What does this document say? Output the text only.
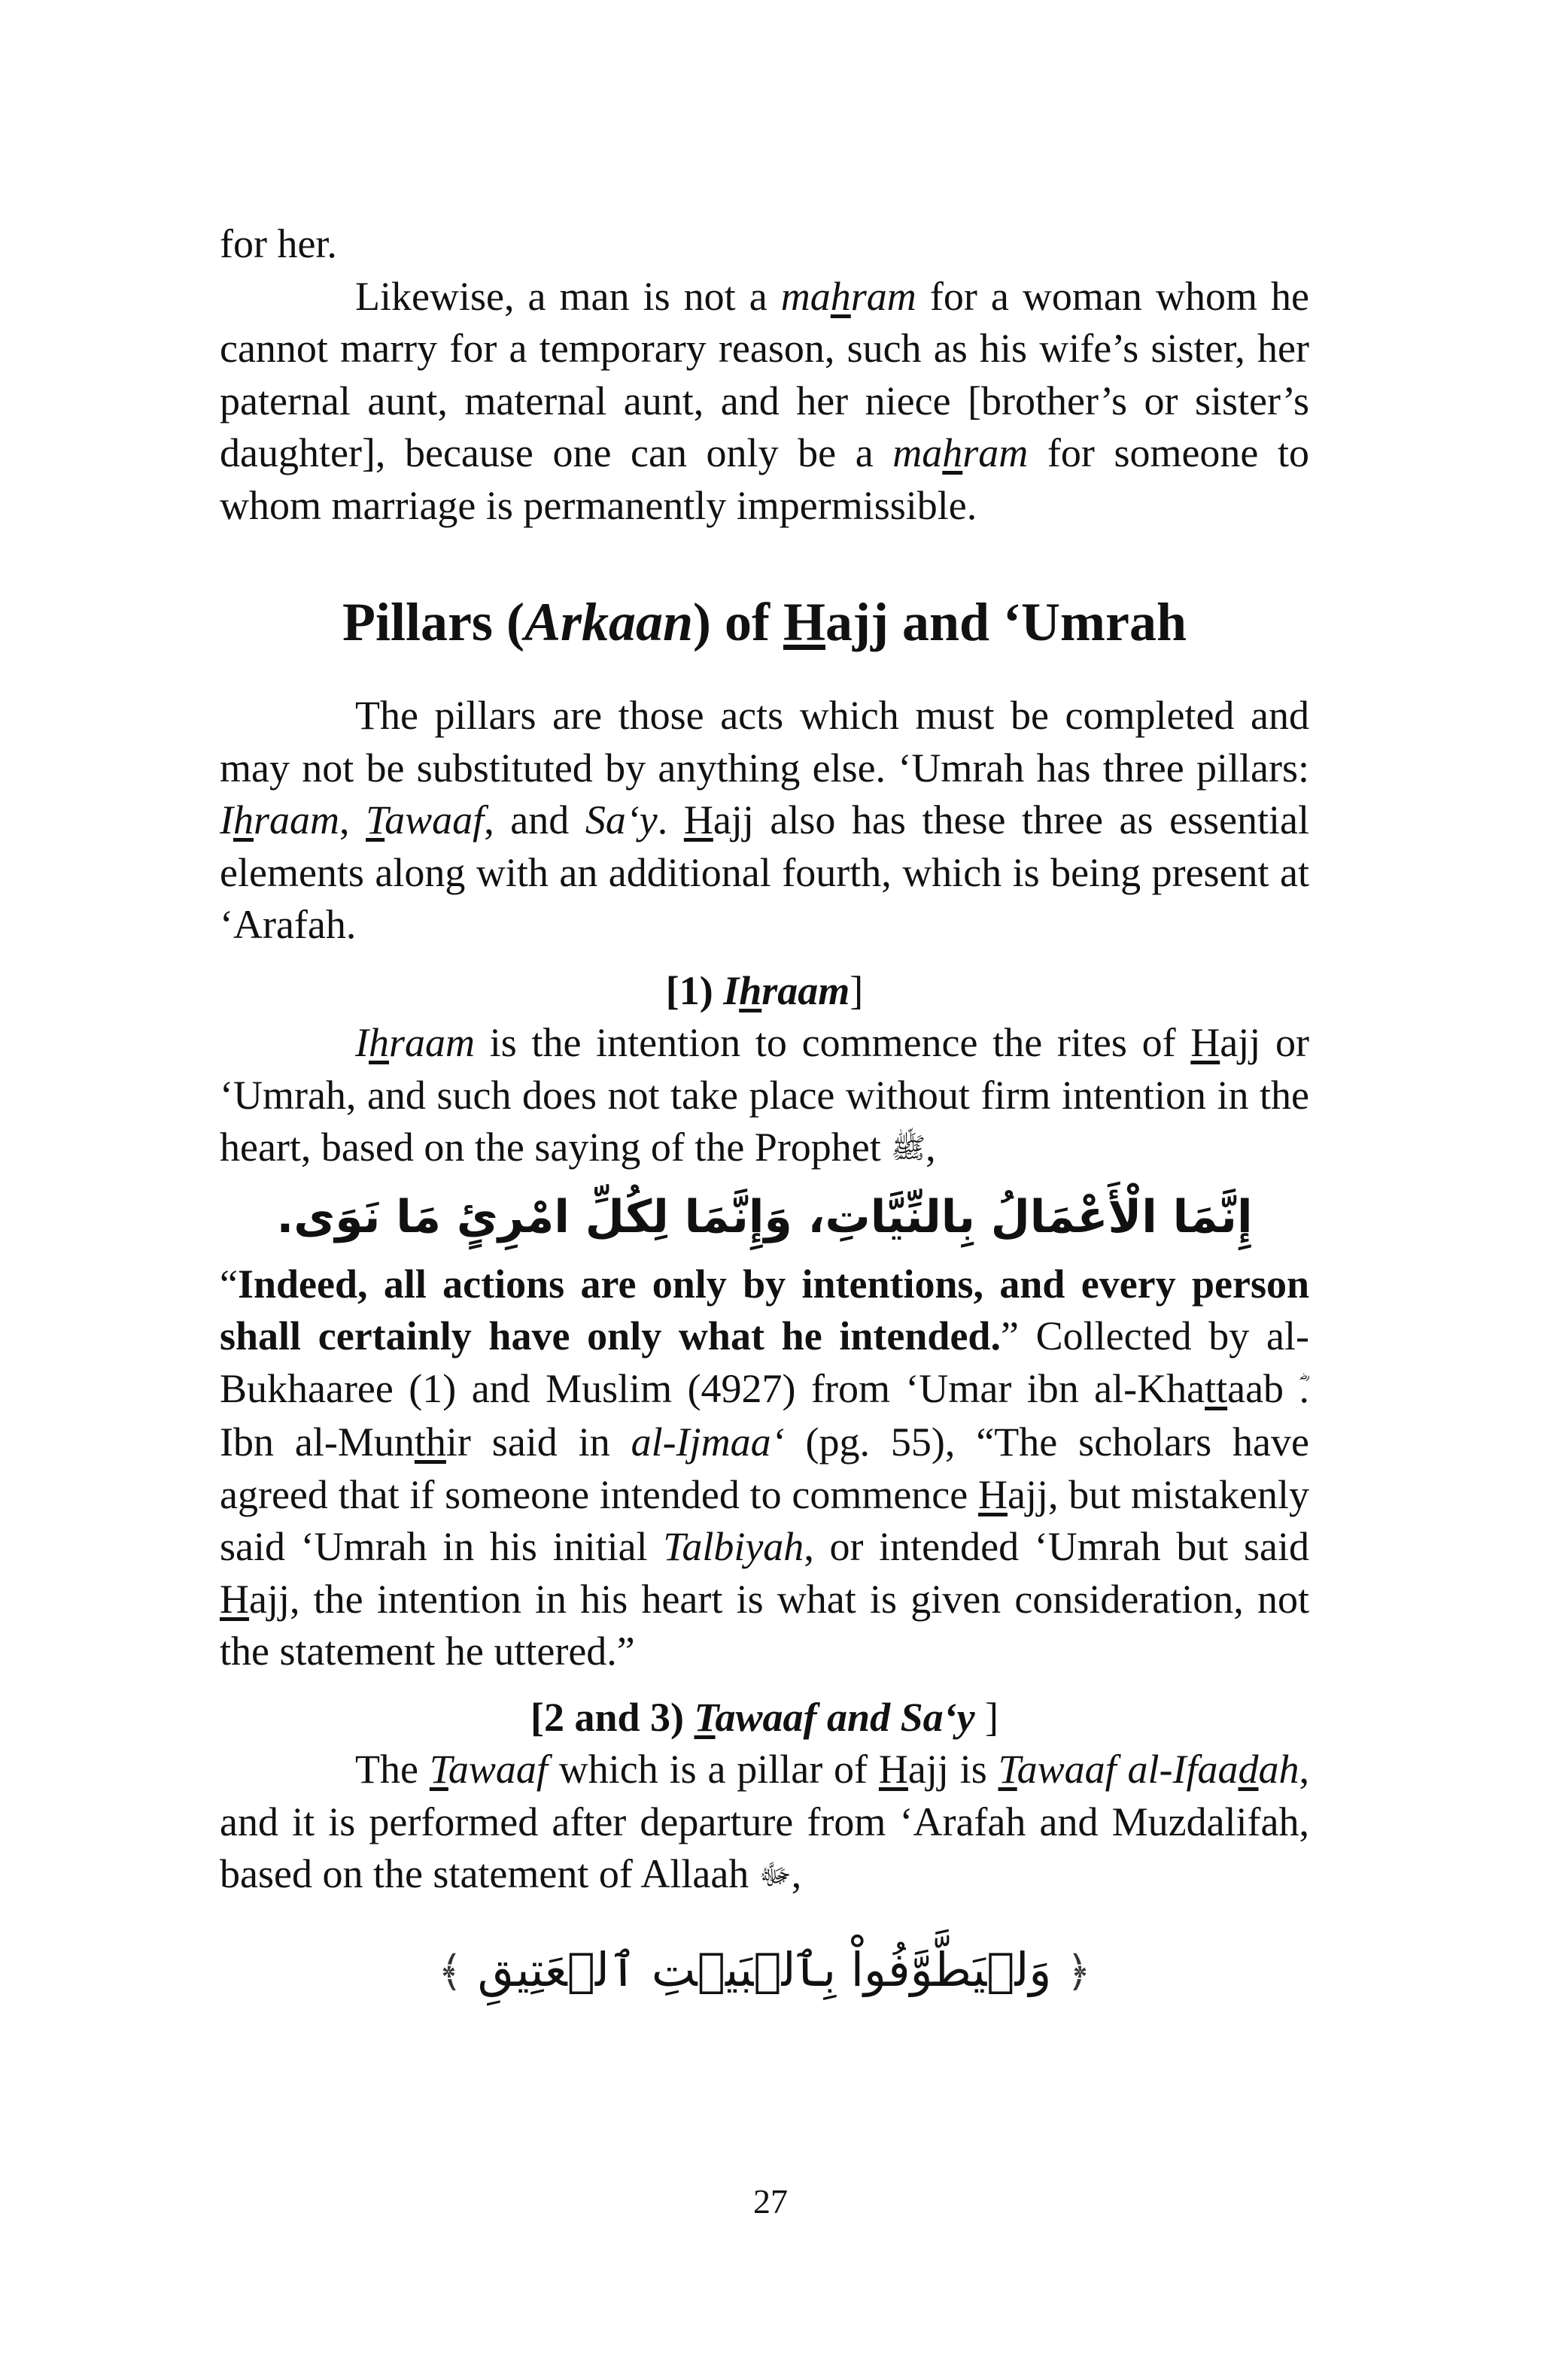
for her.

Likewise, a man is not a mahram for a woman whom he cannot marry for a temporary reason, such as his wife’s sister, her paternal aunt, maternal aunt, and her niece [brother’s or sister’s daughter], because one can only be a mahram for someone to whom marriage is permanently impermissible.

Pillars (Arkaan) of Hajj and ‘Umrah

The pillars are those acts which must be completed and may not be substituted by anything else. ‘Umrah has three pillars: Ihraam, Tawaaf, and Sa‘y. Hajj also has these three as essential elements along with an additional fourth, which is being present at ‘Arafah.

[1) Ihraam]

Ihraam is the intention to commence the rites of Hajj or ‘Umrah, and such does not take place without firm intention in the heart, based on the saying of the Prophet ﷺ,

إِنَّمَا الْأَعْمَالُ بِالنِّيَّاتِ، وَإِنَّمَا لِكُلِّ امْرِئٍ مَا نَوَى.

“Indeed, all actions are only by intentions, and every person shall certainly have only what he intended.” Collected by al-Bukhaaree (1) and Muslim (4927) from ‘Umar ibn al-Khattaab . Ibn al-Munthir said in al-Ijmaa‘ (pg. 55), “The scholars have agreed that if someone intended to commence Hajj, but mistakenly said ‘Umrah in his initial Talbiyah, or intended ‘Umrah but said Hajj, the intention in his heart is what is given consideration, not the statement he uttered.”

[2 and 3) Tawaaf and Sa‘y ]

The Tawaaf which is a pillar of Hajj is Tawaaf al-Ifaadah, and it is performed after departure from ‘Arafah and Muzdalifah, based on the statement of Allaah ﷻ,

﴿وَلۡيَطَّوَّفُواْ بِٱلۡبَيۡتِ ٱلۡعَتِيقِ﴾
27
